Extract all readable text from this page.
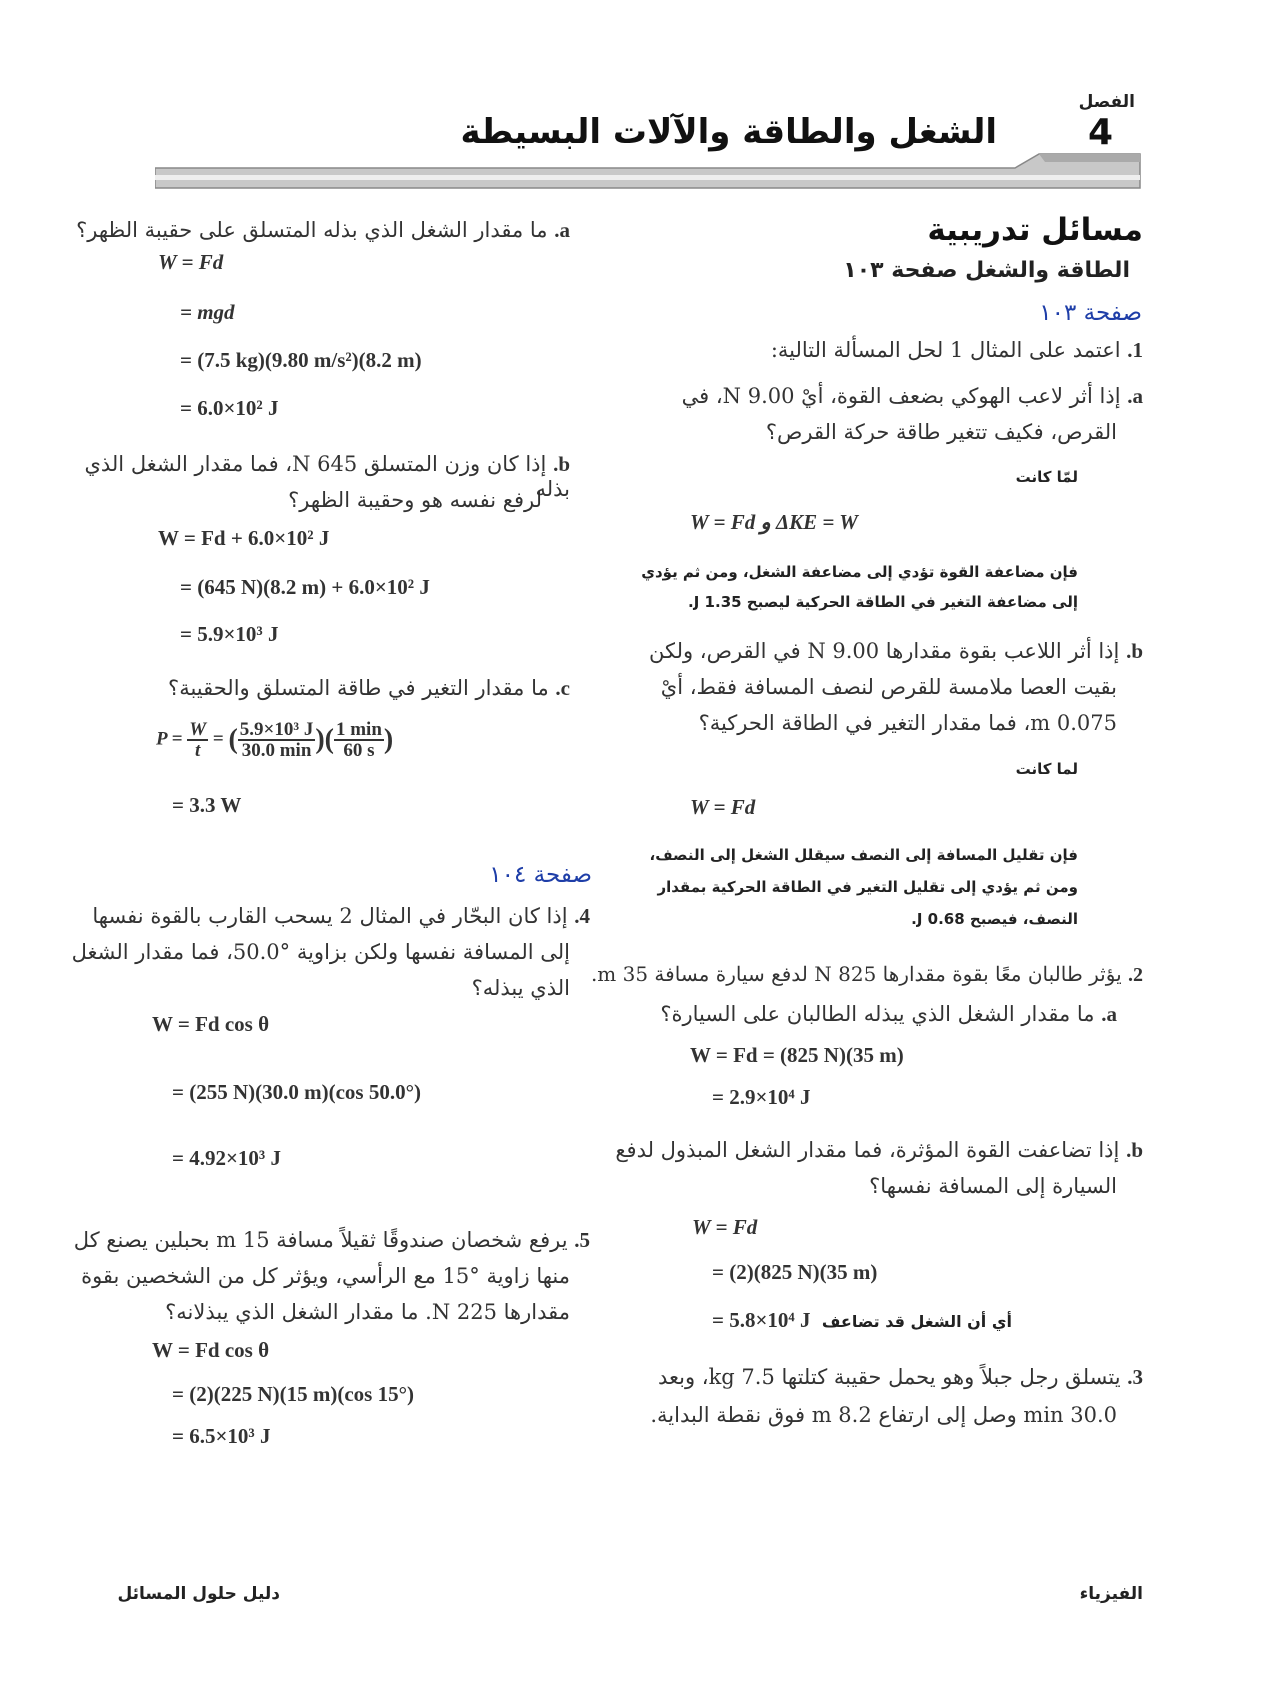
الفصل
4
الشغل والطاقة والآلات البسيطة
مسائل تدريبية
الطاقة والشغل صفحة ١٠٣
صفحة ١٠٣
1. اعتمد على المثال 1 لحل المسألة التالية:
a. إذا أثر لاعب الهوكي بضعف القوة، أيْ N 9.00، في
القرص، فكيف تتغير طاقة حركة القرص؟
لمّا كانت
W = Fd و ΔKE = W
فإن مضاعفة القوة تؤدي إلى مضاعفة الشغل، ومن ثم يؤدي
إلى مضاعفة التغير في الطاقة الحركية ليصبح J 1.35.
b. إذا أثر اللاعب بقوة مقدارها N 9.00 في القرص، ولكن
بقيت العصا ملامسة للقرص لنصف المسافة فقط، أيْ
m 0.075، فما مقدار التغير في الطاقة الحركية؟
لما كانت
W = Fd
فإن تقليل المسافة إلى النصف سيقلل الشغل إلى النصف،
ومن ثم يؤدي إلى تقليل التغير في الطاقة الحركية بمقدار
النصف، فيصبح J 0.68.
2. يؤثر طالبان معًا بقوة مقدارها N 825 لدفع سيارة مسافة m 35.
a. ما مقدار الشغل الذي يبذله الطالبان على السيارة؟
W = Fd = (825 N)(35 m)
= 2.9×10⁴ J
b. إذا تضاعفت القوة المؤثرة، فما مقدار الشغل المبذول لدفع
السيارة إلى المسافة نفسها؟
W = Fd
= (2)(825 N)(35 m)
= 5.8×10⁴ J أي أن الشغل قد تضاعف
3. يتسلق رجل جبلاً وهو يحمل حقيبة كتلتها kg 7.5، وبعد
min 30.0 وصل إلى ارتفاع m 8.2 فوق نقطة البداية.
a. ما مقدار الشغل الذي بذله المتسلق على حقيبة الظهر؟
W = Fd
= mgd
= (7.5 kg)(9.80 m/s²)(8.2 m)
= 6.0×10² J
b. إذا كان وزن المتسلق N 645، فما مقدار الشغل الذي بذله
لرفع نفسه هو وحقيبة الظهر؟
W = Fd + 6.0×10² J
= (645 N)(8.2 m) + 6.0×10² J
= 5.9×10³ J
c. ما مقدار التغير في طاقة المتسلق والحقيبة؟
$P = \frac{W}{t}$ = ( $\frac{\text{5.9×10³ J}}{30.0 \min}$ )( $\frac{1 \min}{60 s}$ )
= 3.3 W
صفحة ١٠٤
4. إذا كان البحّار في المثال 2 يسحب القارب بالقوة نفسها
إلى المسافة نفسها ولكن بزاوية °50.0، فما مقدار الشغل
الذي يبذله؟
W = Fd cos θ
= (255 N)(30.0 m)(cos 50.0°)
= 4.92×10³ J
5. يرفع شخصان صندوقًا ثقيلاً مسافة m 15 بحبلين يصنع كل
منها زاوية °15 مع الرأسي، ويؤثر كل من الشخصين بقوة
مقدارها N 225. ما مقدار الشغل الذي يبذلانه؟
W = Fd cos θ
= (2)(225 N)(15 m)(cos 15°)
= 6.5×10³ J
الفيزياء
دليل حلول المسائل
